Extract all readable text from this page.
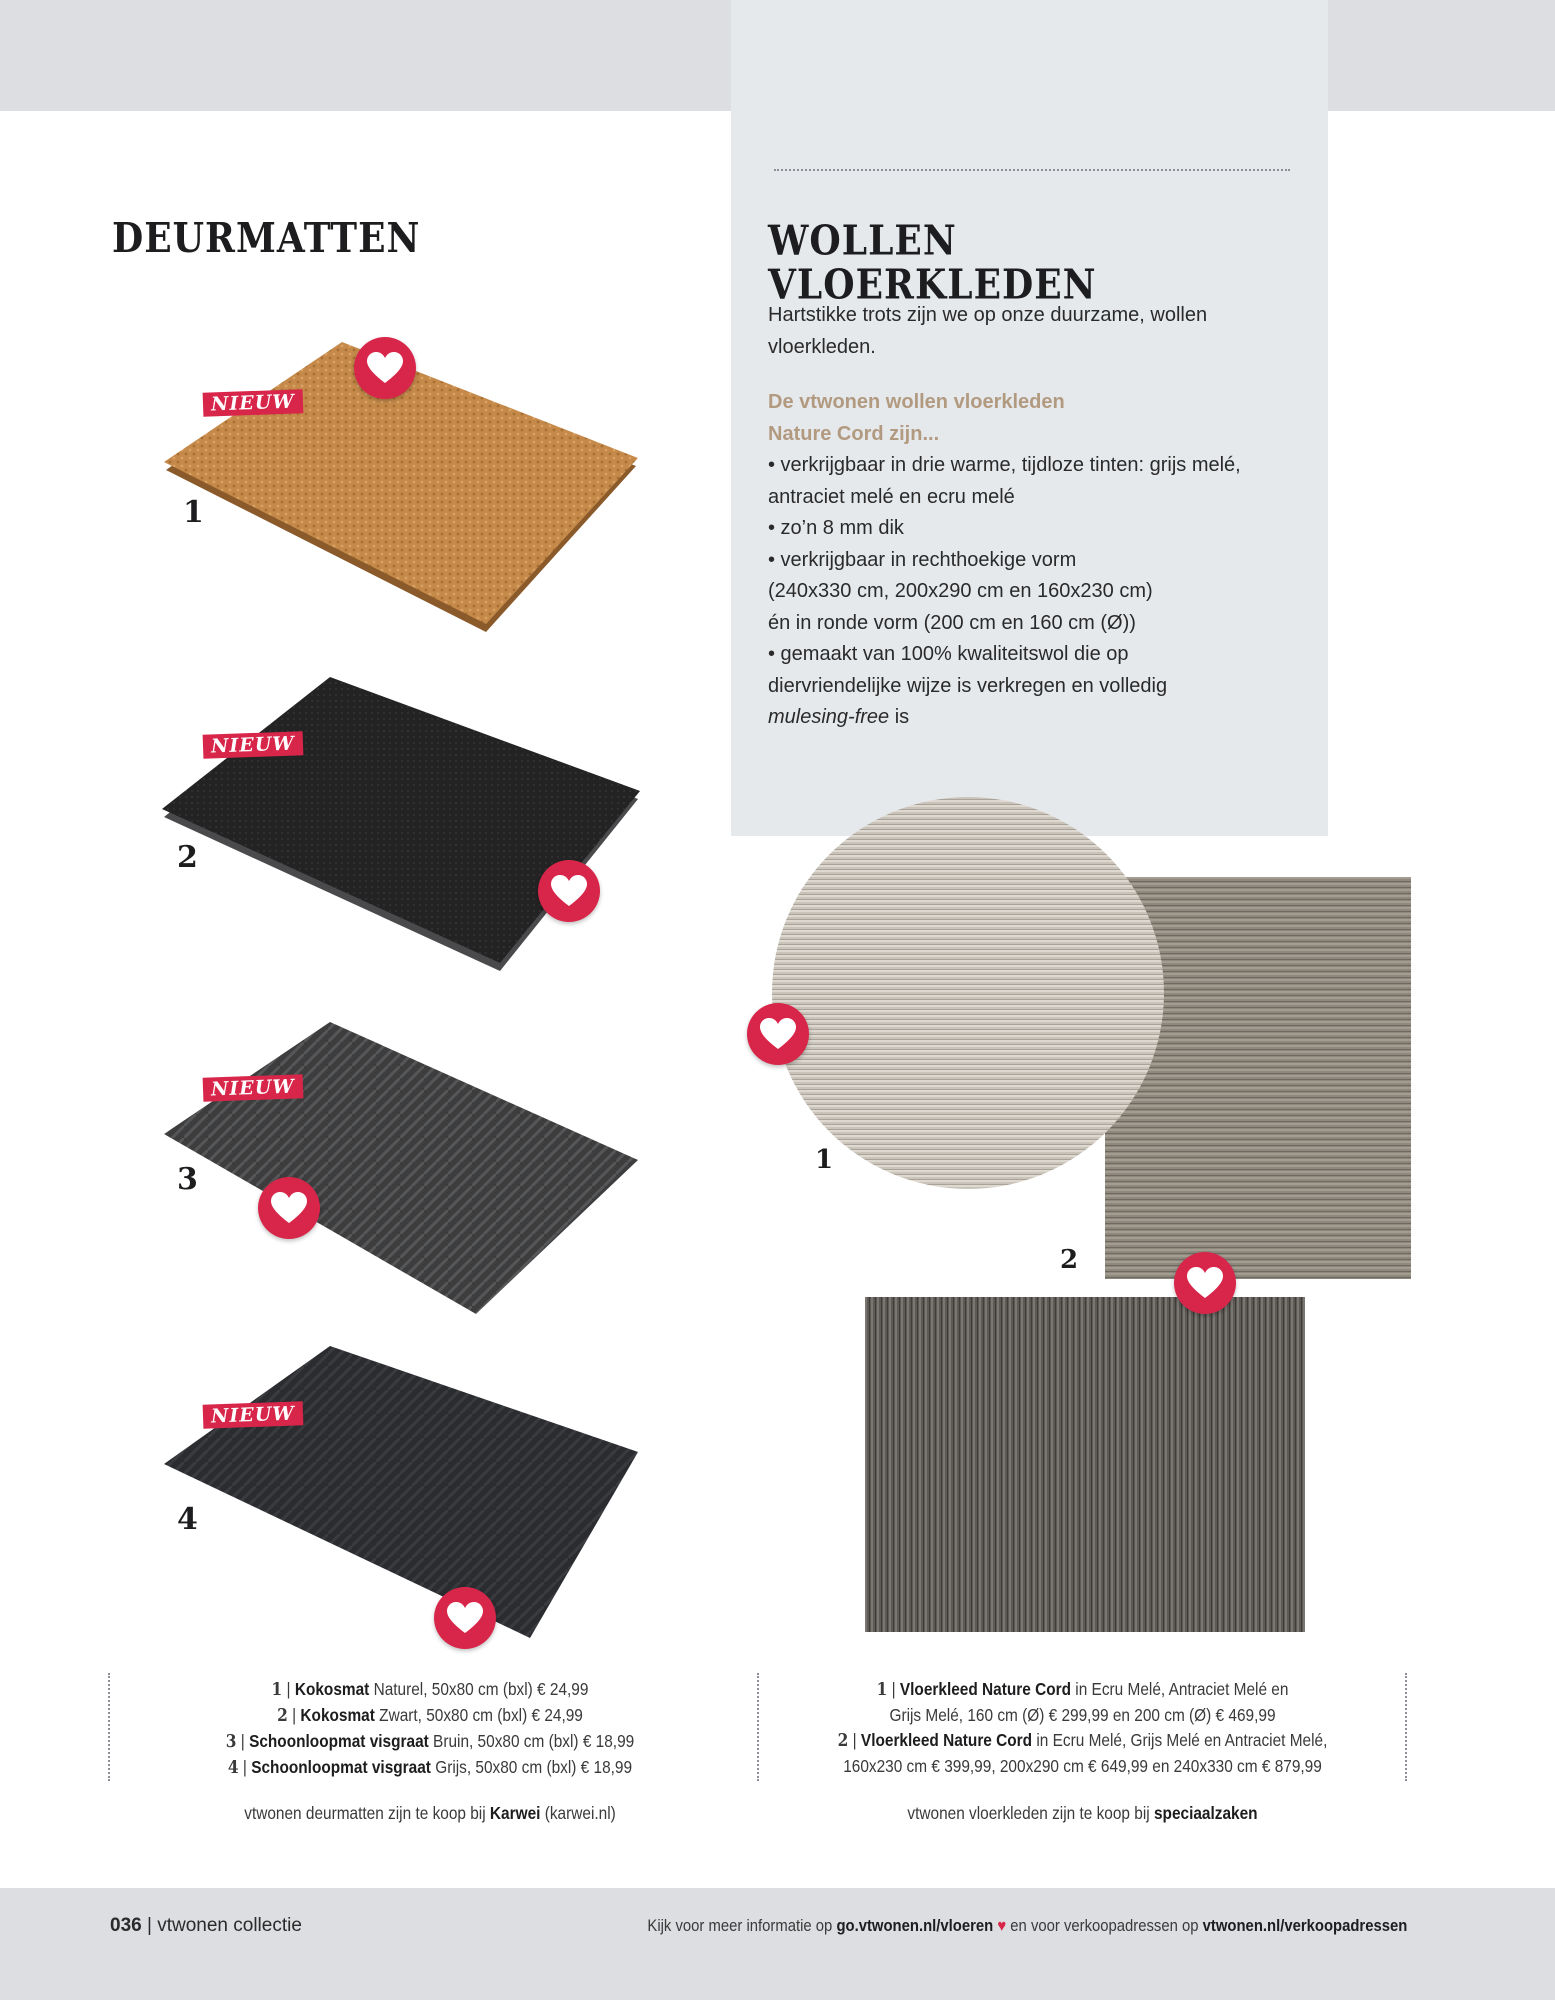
DEURMATTEN
NIEUW
1
NIEUW
2
NIEUW
3
NIEUW
4
WOLLEN
VLOERKLEDEN
Hartstikke trots zijn we op onze duurzame, wollen vloerkleden.
De vtwonen wollen vloerkleden
Nature Cord zijn...
• verkrijgbaar in drie warme, tijdloze tinten: grijs melé,
antraciet melé en ecru melé
• zo’n 8 mm dik
• verkrijgbaar in rechthoekige vorm
(240x330 cm, 200x290 cm en 160x230 cm)
én in ronde vorm (200 cm en 160 cm (Ø))
• gemaakt van 100% kwaliteitswol die op
diervriendelijke wijze is verkregen en volledig
mulesing-free is
1
2
1 | Kokosmat Naturel, 50x80 cm (bxl) € 24,99
2 | Kokosmat Zwart, 50x80 cm (bxl) € 24,99
3 | Schoonloopmat visgraat Bruin, 50x80 cm (bxl) € 18,99
4 | Schoonloopmat visgraat Grijs, 50x80 cm (bxl) € 18,99
1 | Vloerkleed Nature Cord in Ecru Melé, Antraciet Melé en
Grijs Melé, 160 cm (Ø) € 299,99 en 200 cm (Ø) € 469,99
2 | Vloerkleed Nature Cord in Ecru Melé, Grijs Melé en Antraciet Melé,
160x230 cm € 399,99, 200x290 cm € 649,99 en 240x330 cm € 879,99
vtwonen deurmatten zijn te koop bij Karwei (karwei.nl)	vtwonen vloerkleden zijn te koop bij speciaalzaken
036 | vtwonen collectie	Kijk voor meer informatie op go.vtwonen.nl/vloeren ♥ en voor verkoopadressen op vtwonen.nl/verkoopadressen
